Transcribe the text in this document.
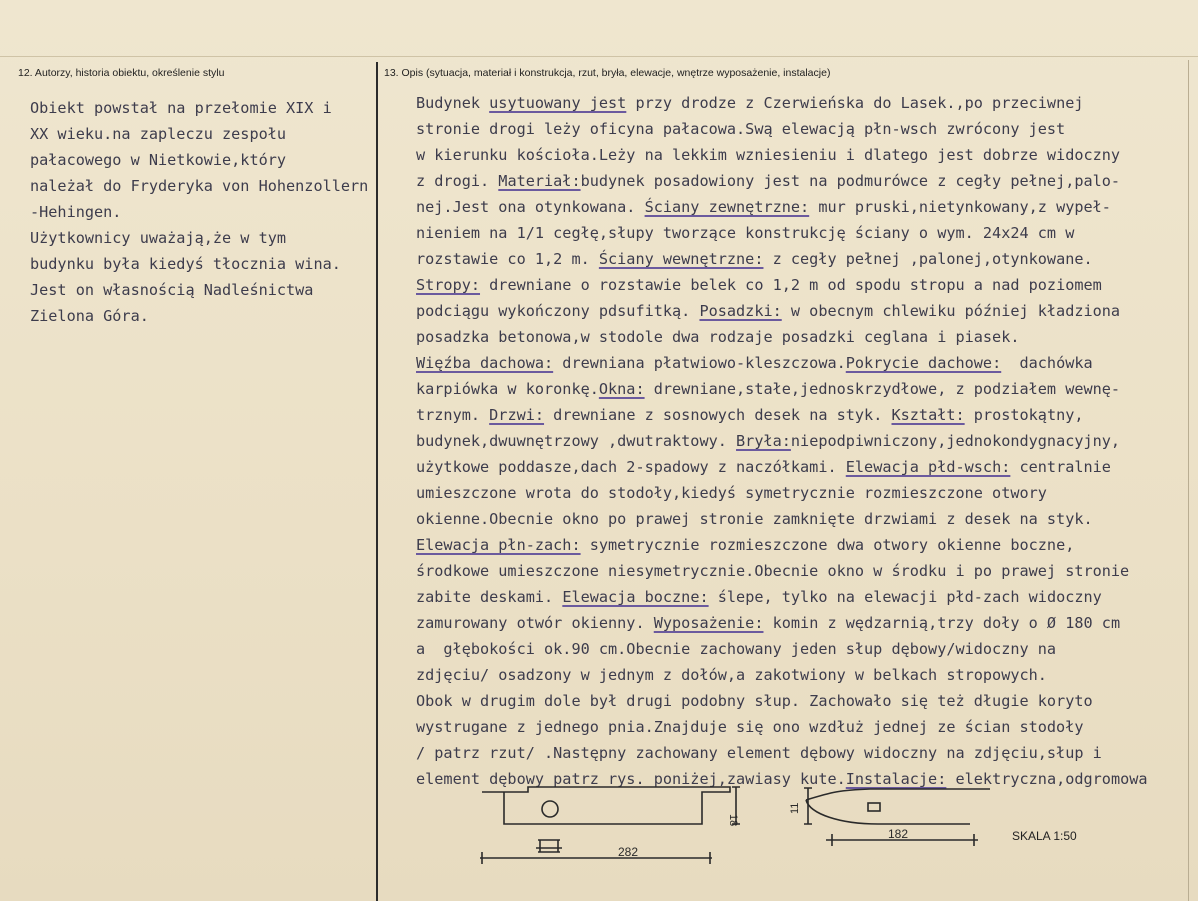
12. Autorzy, historia obiektu, określenie stylu	13. Opis (sytuacja, materiał i konstrukcja, rzut, bryła, elewacje, wnętrze wyposażenie, instalacje)
Obiekt powstał na przełomie XIX i
XX wieku.na zapleczu zespołu
pałacowego w Nietkowie,który
należał do Fryderyka von Hohenzollern
-Hehingen.
Użytkownicy uważają,że w tym
budynku była kiedyś tłocznia wina.
Jest on własnością Nadleśnictwa
Zielona Góra.
Budynek usytuowany jest przy drodze z Czerwieńska do Lasek.,po przeciwnej
stronie drogi leży oficyna pałacowa.Swą elewacją płn-wsch zwrócony jest
w kierunku kościoła.Leży na lekkim wzniesieniu i dlatego jest dobrze widoczny
z drogi. Materiał:budynek posadowiony jest na podmurówce z cegły pełnej,palo-
nej.Jest ona otynkowana. Ściany zewnętrzne: mur pruski,nietynkowany,z wypeł-
nieniem na 1/1 cegłę,słupy tworzące konstrukcję ściany o wym. 24x24 cm w
rozstawie co 1,2 m. Ściany wewnętrzne: z cegły pełnej ,palonej,otynkowane.
Stropy: drewniane o rozstawie belek co 1,2 m od spodu stropu a nad poziomem
podciągu wykończony pdsufitką. Posadzki: w obecnym chlewiku później kładziona
posadzka betonowa,w stodole dwa rodzaje posadzki ceglana i piasek.
Więźba dachowa: drewniana płatwiowo-kleszczowa.Pokrycie dachowe:  dachówka
karpiówka w koronkę.Okna: drewniane,stałe,jednoskrzydłowe, z podziałem wewnę-
trznym. Drzwi: drewniane z sosnowych desek na styk. Kształt: prostokątny,
budynek,dwuwnętrzowy ,dwutraktowy. Bryła:niepodpiwniczony,jednokondygnacyjny,
użytkowe poddasze,dach 2-spadowy z naczółkami. Elewacja płd-wsch: centralnie
umieszczone wrota do stodoły,kiedyś symetrycznie rozmieszczone otwory
okienne.Obecnie okno po prawej stronie zamknięte drzwiami z desek na styk.
Elewacja płn-zach: symetrycznie rozmieszczone dwa otwory okienne boczne,
środkowe umieszczone niesymetrycznie.Obecnie okno w środku i po prawej stronie
zabite deskami. Elewacja boczne: ślepe, tylko na elewacji płd-zach widoczny
zamurowany otwór okienny. Wyposażenie: komin z wędzarnią,trzy doły o Ø 180 cm
a  głębokości ok.90 cm.Obecnie zachowany jeden słup dębowy/widoczny na
zdjęciu/ osadzony w jednym z dołów,a zakotwiony w belkach stropowych.
Obok w drugim dole był drugi podobny słup. Zachowało się też długie koryto
wystrugane z jednego pnia.Znajduje się ono wzdłuż jednej ze ścian stodoły
/ patrz rzut/ .Następny zachowany element dębowy widoczny na zdjęciu,słup i
element dębowy patrz rys. poniżej,zawiasy kute.Instalacje: elektryczna,odgromowa
18
282
11
182	SKALA 1:50
